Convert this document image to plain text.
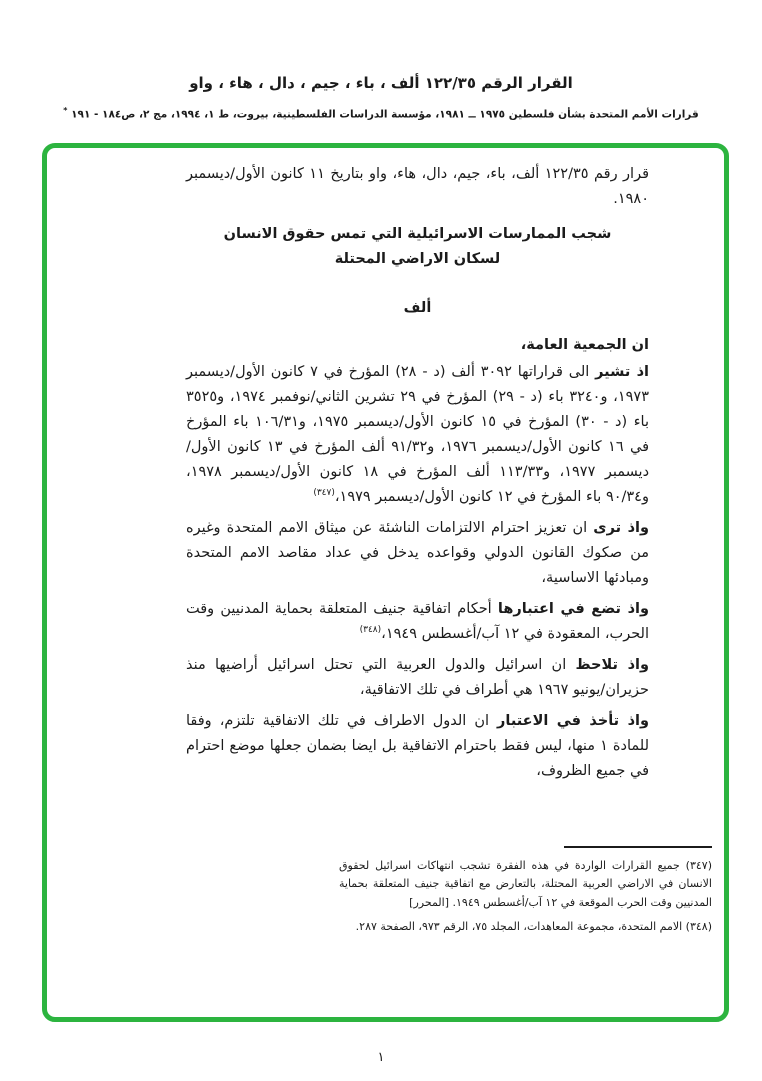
القرار الرقم ١٢٢/٣٥ ألف ، باء ، جيم ، دال ، هاء ، واو
قرارات الأمم المتحدة بشأن فلسطين ١٩٧٥ ــ ١٩٨١، مؤسسة الدراسات الفلسطينية، بيروت، ط ١، ١٩٩٤، مج ٢، ص١٨٤ - ١٩١ *

قرار رقم ١٢٢/٣٥ ألف، باء، جيم، دال، هاء، واو بتاريخ ١١ كانون الأول/ديسمبر ١٩٨٠.

شجب الممارسات الاسرائيلية التي تمس حقوق الانسان
لسكان الاراضي المحتلة
ألف

ان الجمعية العامة،

اذ تشير الى قراراتها ٣٠٩٢ ألف (د - ٢٨) المؤرخ في ٧ كانون الأول/ديسمبر ١٩٧٣، و٣٢٤٠ باء (د - ٢٩) المؤرخ في ٢٩ تشرين الثاني/نوفمبر ١٩٧٤، و٣٥٢٥ باء (د - ٣٠) المؤرخ في ١٥ كانون الأول/ديسمبر ١٩٧٥، و١٠٦/٣١ باء المؤرخ في ١٦ كانون الأول/ديسمبر ١٩٧٦، و٩١/٣٢ ألف المؤرخ في ١٣ كانون الأول/ديسمبر ١٩٧٧، و١١٣/٣٣ ألف المؤرخ في ١٨ كانون الأول/ديسمبر ١٩٧٨، و٩٠/٣٤ باء المؤرخ في ١٢ كانون الأول/ديسمبر ١٩٧٩،$^{(٣٤٧)}$

واذ ترى ان تعزيز احترام الالتزامات الناشئة عن ميثاق الامم المتحدة وغيره من صكوك القانون الدولي وقواعده يدخل في عداد مقاصد الامم المتحدة ومبادئها الاساسية،

واذ تضع في اعتبارها أحكام اتفاقية جنيف المتعلقة بحماية المدنيين وقت الحرب، المعقودة في ١٢ آب/أغسطس ١٩٤٩،$^{(٣٤٨)}$

واذ تلاحظ ان اسرائيل والدول العربية التي تحتل اسرائيل أراضيها منذ حزيران/يونيو ١٩٦٧ هي أطراف في تلك الاتفاقية،

واذ تأخذ في الاعتبار ان الدول الاطراف في تلك الاتفاقية تلتزم، وفقا للمادة ١ منها، ليس فقط باحترام الاتفاقية بل ايضا بضمان جعلها موضع احترام في جميع الظروف،

(٣٤٧) جميع القرارات الواردة في هذه الفقرة تشجب انتهاكات اسرائيل لحقوق الانسان في الاراضي العربية المحتلة، بالتعارض مع اتفاقية جنيف المتعلقة بحماية المدنيين وقت الحرب الموقعة في ١٢ آب/أغسطس ١٩٤٩. [المحرر]

(٣٤٨) الامم المتحدة، مجموعة المعاهدات، المجلد ٧٥، الرقم ٩٧٣، الصفحة ٢٨٧.

١
